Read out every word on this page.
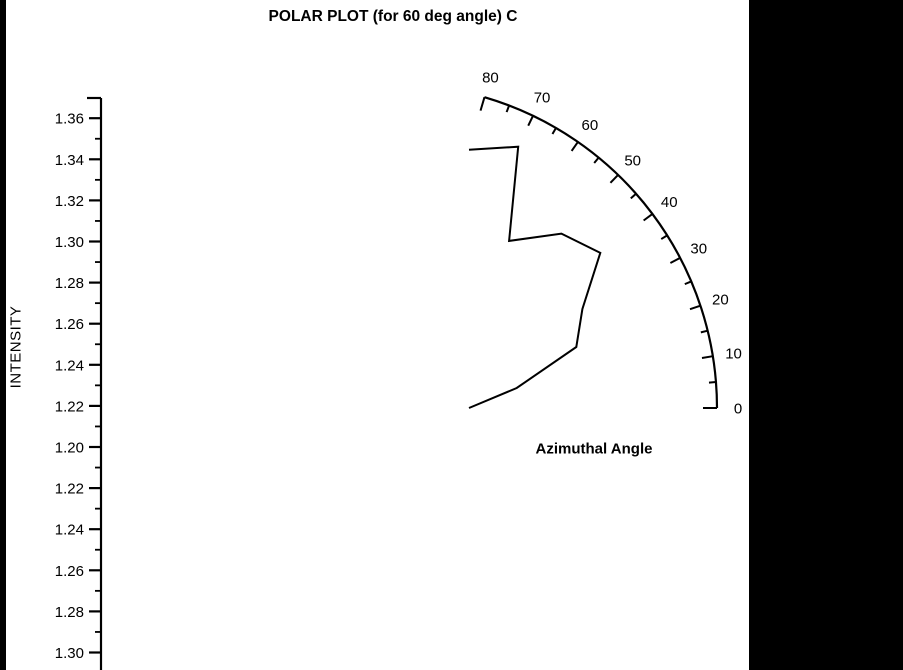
POLAR PLOT (for 60 deg angle) C
INTENSITY
Azimuthal Angle
1.36
1.34
1.32
1.30
1.28
1.26
1.24
1.22
1.20
1.22
1.24
1.26
1.28
1.30
0
10
20
30
40
50
60
70
80
